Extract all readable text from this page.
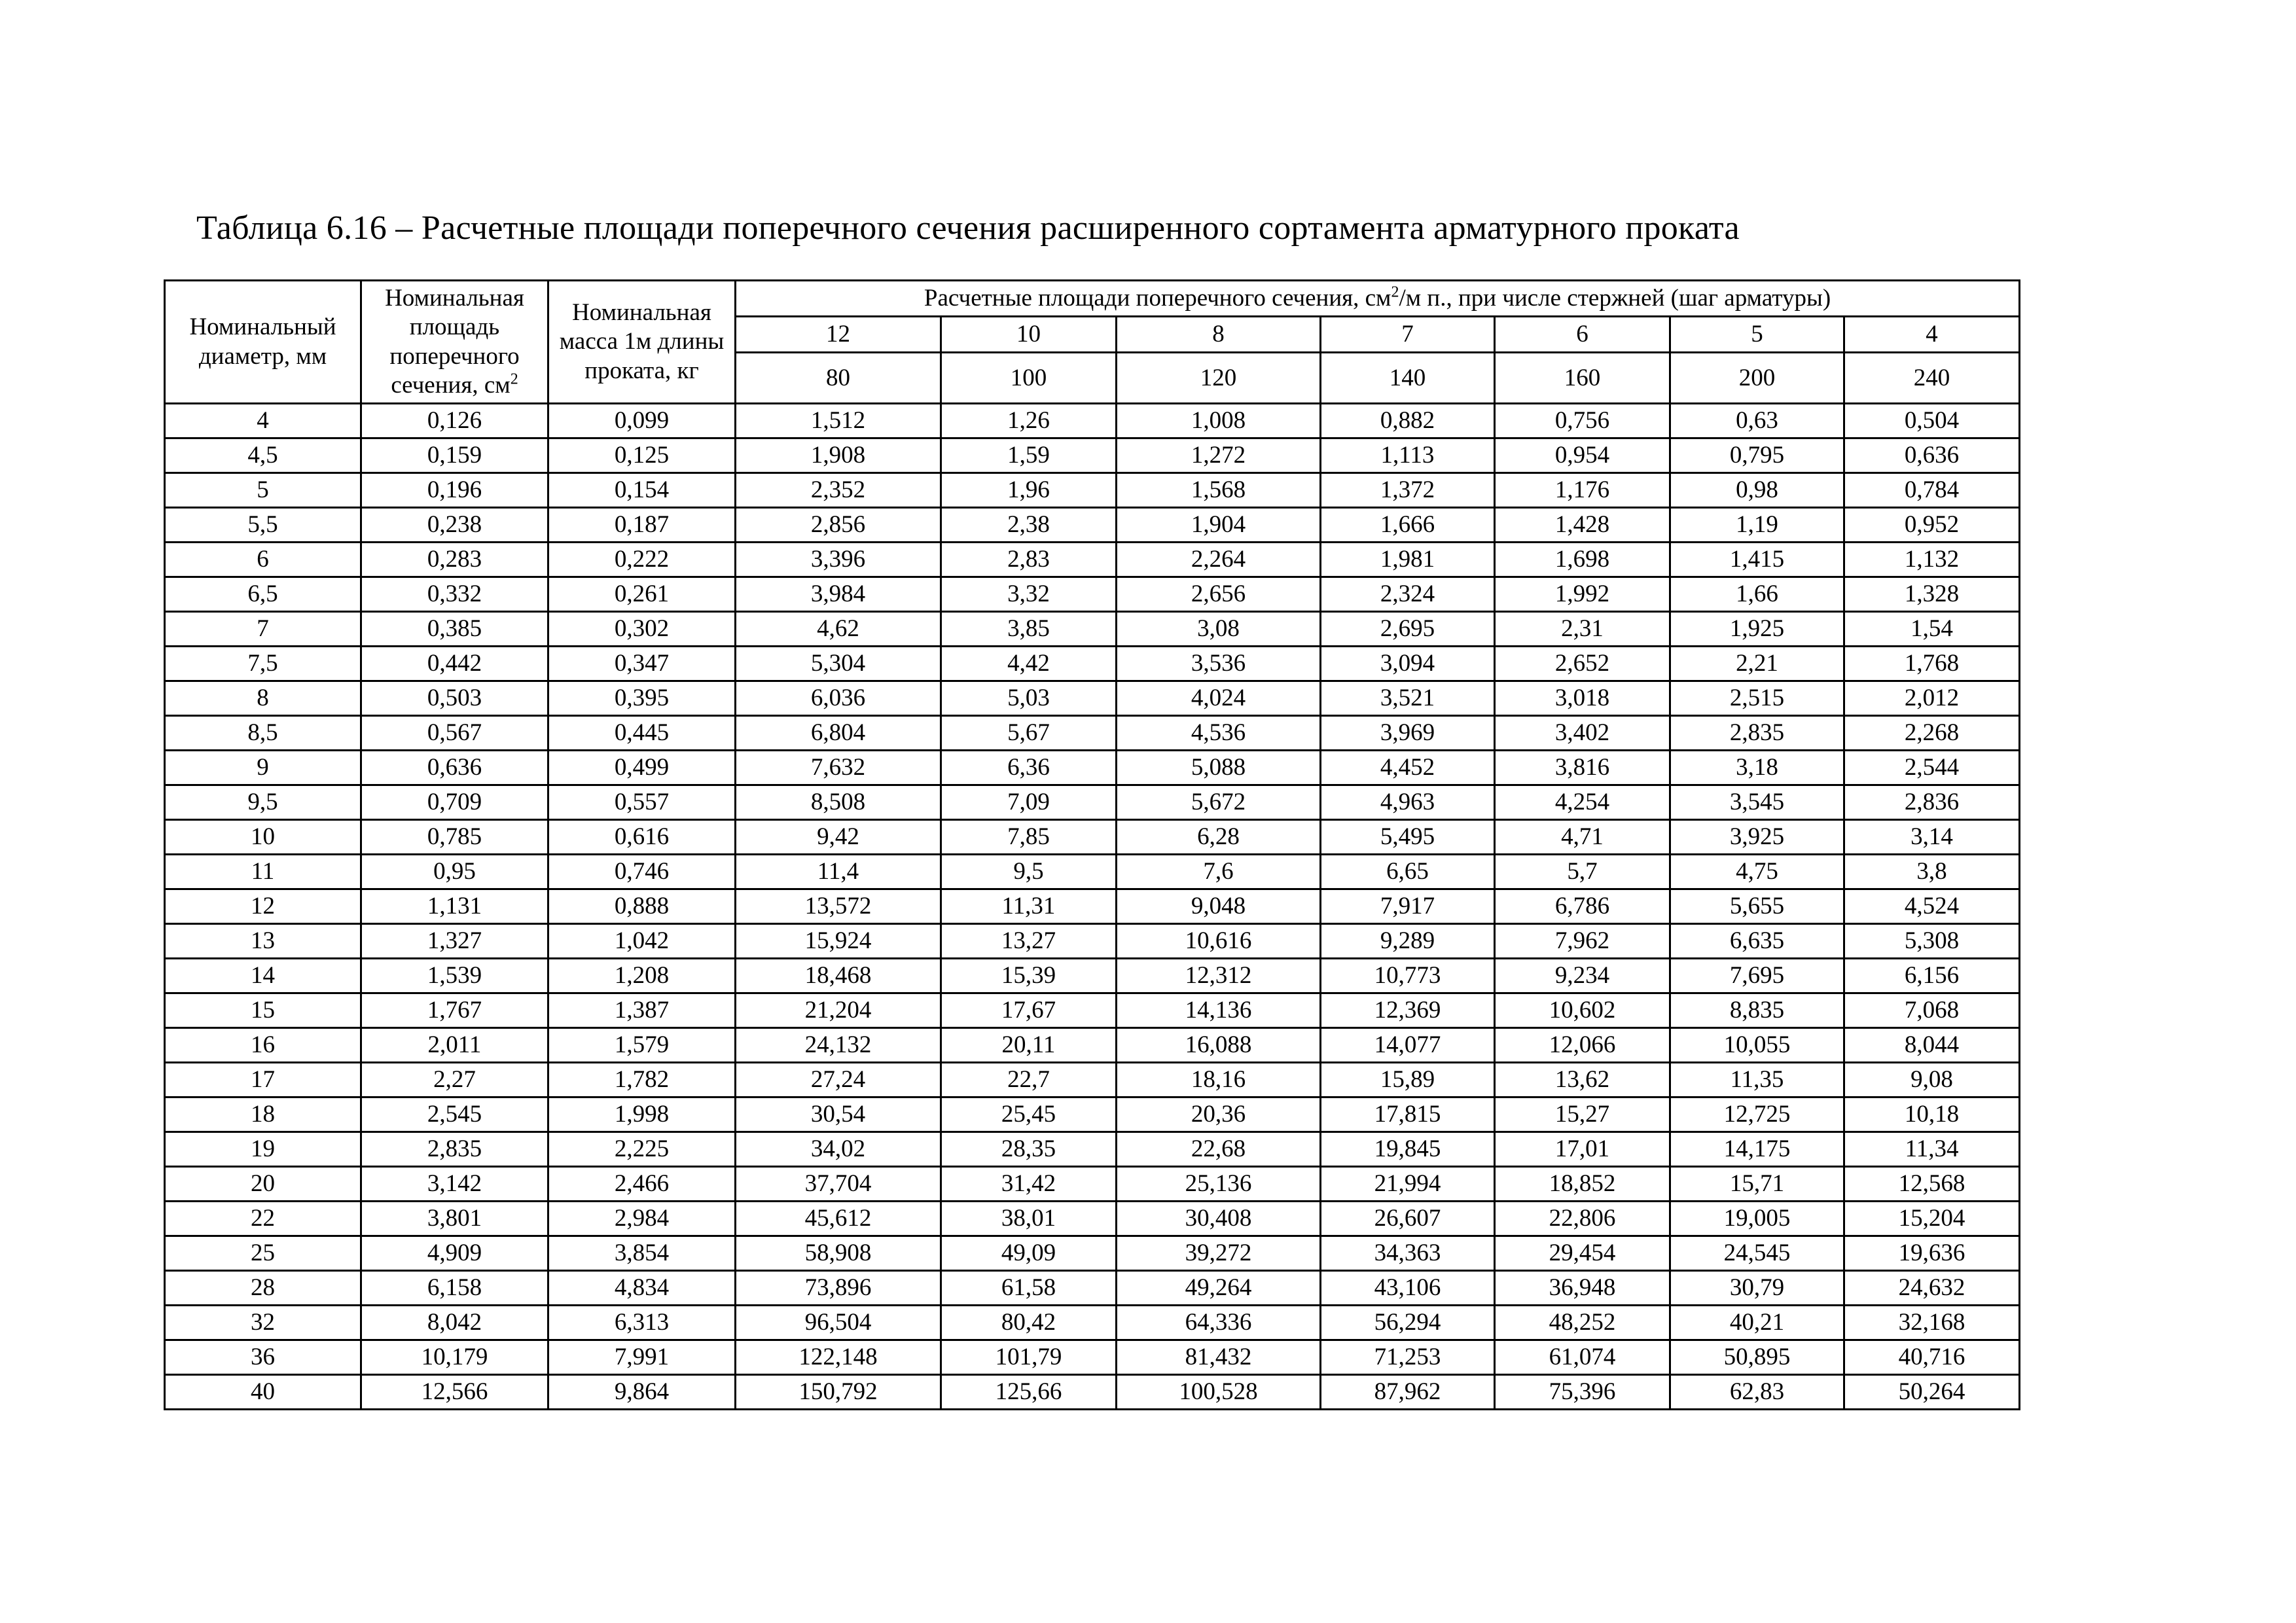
Таблица 6.16 – Расчетные площади поперечного сечения расширенного сортамента арматурного проката
Номинальный диаметр, мм	Номинальная площадь поперечного сечения, $см^2$	Номинальная масса 1м длины проката, кг	Расчетные площади поперечного сечения, $см^2/м$ п., при числе стержней (шаг арматуры)						
			12	10	8	7	6	5	4
			80	100	120	140	160	200	240
4	0,126	0,099	1,512	1,26	1,008	0,882	0,756	0,63	0,504
4,5	0,159	0,125	1,908	1,59	1,272	1,113	0,954	0,795	0,636
5	0,196	0,154	2,352	1,96	1,568	1,372	1,176	0,98	0,784
5,5	0,238	0,187	2,856	2,38	1,904	1,666	1,428	1,19	0,952
6	0,283	0,222	3,396	2,83	2,264	1,981	1,698	1,415	1,132
6,5	0,332	0,261	3,984	3,32	2,656	2,324	1,992	1,66	1,328
7	0,385	0,302	4,62	3,85	3,08	2,695	2,31	1,925	1,54
7,5	0,442	0,347	5,304	4,42	3,536	3,094	2,652	2,21	1,768
8	0,503	0,395	6,036	5,03	4,024	3,521	3,018	2,515	2,012
8,5	0,567	0,445	6,804	5,67	4,536	3,969	3,402	2,835	2,268
9	0,636	0,499	7,632	6,36	5,088	4,452	3,816	3,18	2,544
9,5	0,709	0,557	8,508	7,09	5,672	4,963	4,254	3,545	2,836
10	0,785	0,616	9,42	7,85	6,28	5,495	4,71	3,925	3,14
11	0,95	0,746	11,4	9,5	7,6	6,65	5,7	4,75	3,8
12	1,131	0,888	13,572	11,31	9,048	7,917	6,786	5,655	4,524
13	1,327	1,042	15,924	13,27	10,616	9,289	7,962	6,635	5,308
14	1,539	1,208	18,468	15,39	12,312	10,773	9,234	7,695	6,156
15	1,767	1,387	21,204	17,67	14,136	12,369	10,602	8,835	7,068
16	2,011	1,579	24,132	20,11	16,088	14,077	12,066	10,055	8,044
17	2,27	1,782	27,24	22,7	18,16	15,89	13,62	11,35	9,08
18	2,545	1,998	30,54	25,45	20,36	17,815	15,27	12,725	10,18
19	2,835	2,225	34,02	28,35	22,68	19,845	17,01	14,175	11,34
20	3,142	2,466	37,704	31,42	25,136	21,994	18,852	15,71	12,568
22	3,801	2,984	45,612	38,01	30,408	26,607	22,806	19,005	15,204
25	4,909	3,854	58,908	49,09	39,272	34,363	29,454	24,545	19,636
28	6,158	4,834	73,896	61,58	49,264	43,106	36,948	30,79	24,632
32	8,042	6,313	96,504	80,42	64,336	56,294	48,252	40,21	32,168
36	10,179	7,991	122,148	101,79	81,432	71,253	61,074	50,895	40,716
40	12,566	9,864	150,792	125,66	100,528	87,962	75,396	62,83	50,264
